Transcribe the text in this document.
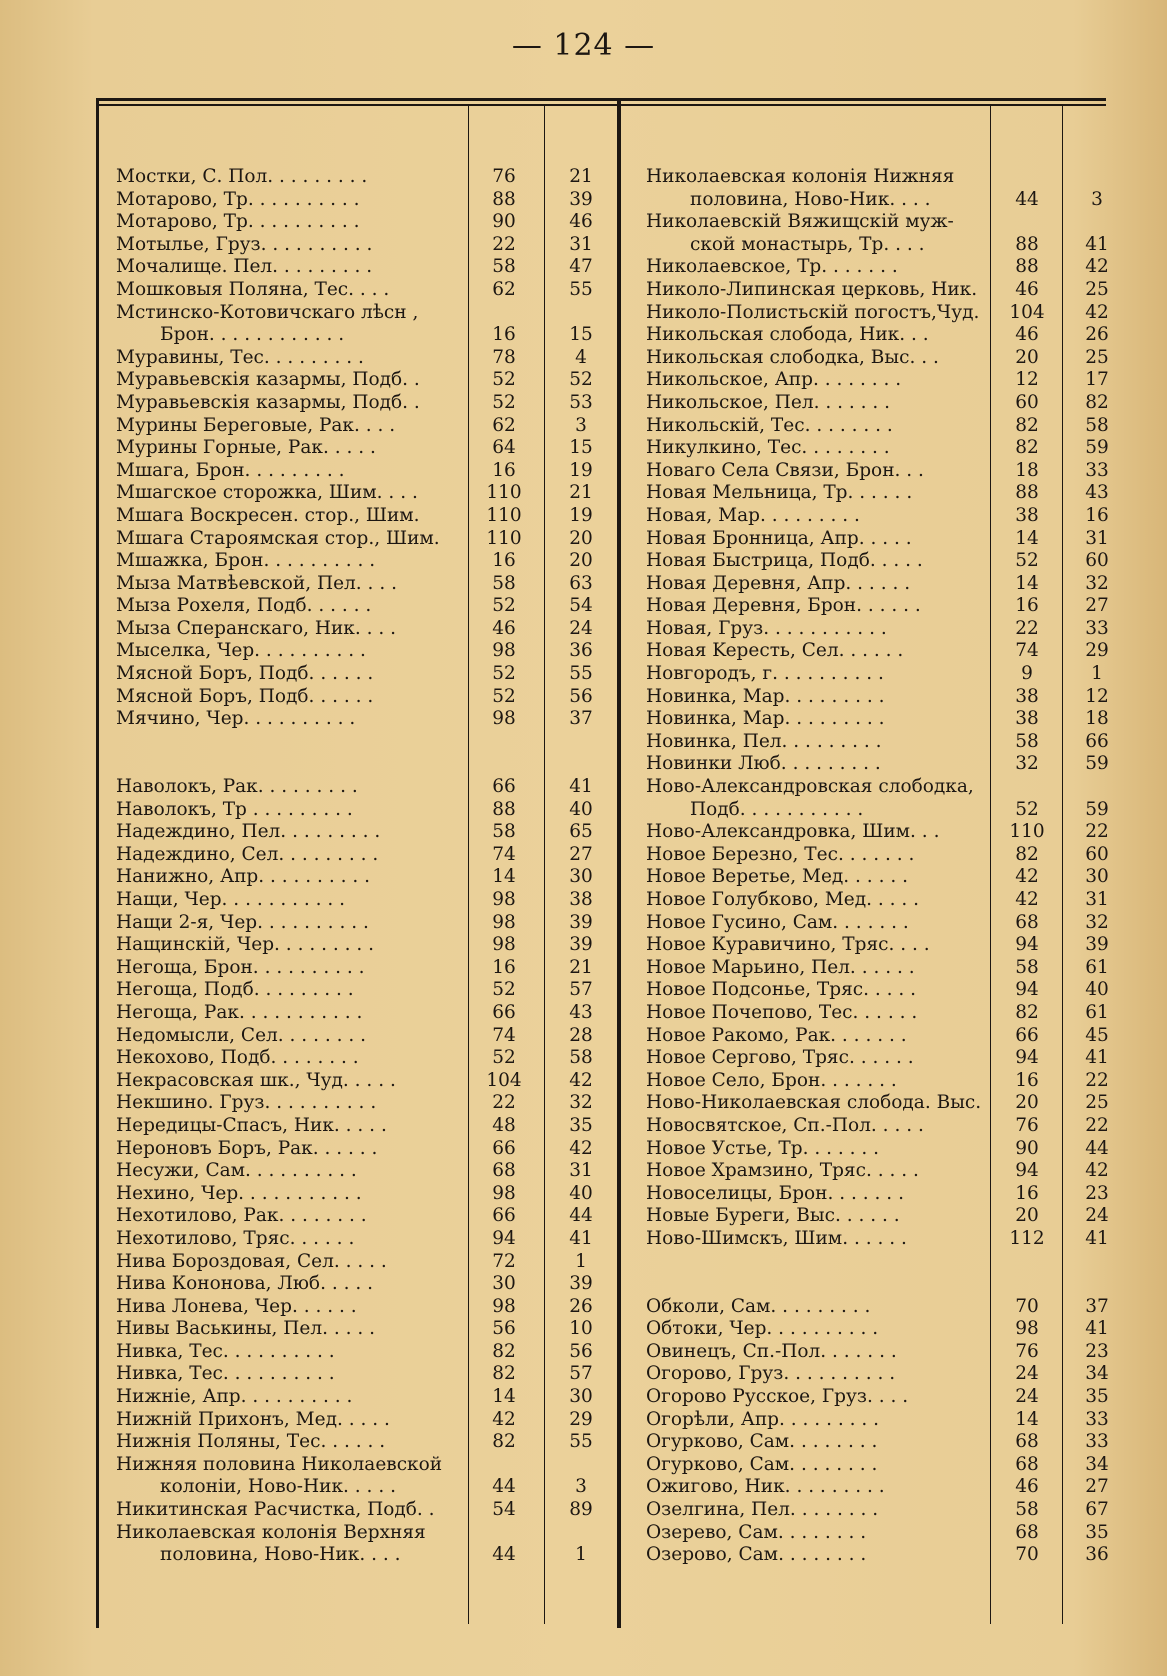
— 124 —
Мостки, С. Пол. . . . . . . . .	76	21
Мотарово, Тр. . . . . . . . . .	88	39
Мотарово, Тр. . . . . . . . . .	90	46
Мотылье, Груз. . . . . . . . . .	22	31
Мочалище. Пел. . . . . . . . .	58	47
Мошковыя Поляна, Тес. . . .	62	55
Мстинско-Котовичскаго лѣсн ,
Брон. . . . . . . . . . . .	16	15
Муравины, Тес. . . . . . . . .	78	4
Муравьевскія казармы, Подб. .	52	52
Муравьевскія казармы, Подб. .	52	53
Мурины Береговые, Рак. . . .	62	3
Мурины Горные, Рак. . . . .	64	15
Мшага, Брон. . . . . . . . .	16	19
Мшагское сторожка, Шим. . . .	110	21
Мшага Воскресен. стор., Шим.	110	19
Мшага Староямская стор., Шим.	110	20
Мшажка, Брон. . . . . . . . . .	16	20
Мыза Матвѣевской, Пел. . . .	58	63
Мыза Рохеля, Подб. . . . . .	52	54
Мыза Сперанскаго, Ник. . . .	46	24
Мыселка, Чер. . . . . . . . . .	98	36
Мясной Боръ, Подб. . . . . .	52	55
Мясной Боръ, Подб. . . . . .	52	56
Мячино, Чер. . . . . . . . . .	98	37
Наволокъ, Рак. . . . . . . . .	66	41
Наволокъ, Тр . . . . . . . . .	88	40
Надеждино, Пел. . . . . . . . .	58	65
Надеждино, Сел. . . . . . . . .	74	27
Нанижно, Апр. . . . . . . . . .	14	30
Нащи, Чер. . . . . . . . . . .	98	38
Нащи 2-я, Чер. . . . . . . . . .	98	39
Нащинскій, Чер. . . . . . . . .	98	39
Негоща, Брон. . . . . . . . . .	16	21
Негоща, Подб. . . . . . . . .	52	57
Негоща, Рак. . . . . . . . . . .	66	43
Недомысли, Сел. . . . . . . .	74	28
Некохово, Подб. . . . . . . .	52	58
Некрасовская шк., Чуд. . . . .	104	42
Некшино. Груз. . . . . . . . . .	22	32
Нередицы-Спасъ, Ник. . . . .	48	35
Нероновъ Боръ, Рак. . . . . .	66	42
Несужи, Сам. . . . . . . . . .	68	31
Нехино, Чер. . . . . . . . . . .	98	40
Нехотилово, Рак. . . . . . . .	66	44
Нехотилово, Тряс. . . . . .	94	41
Нива Бороздовая, Сел. . . . .	72	1
Нива Кононова, Люб. . . . .	30	39
Нива Лонева, Чер. . . . . .	98	26
Нивы Васькины, Пел. . . . .	56	10
Нивка, Тес. . . . . . . . . .	82	56
Нивка, Тес. . . . . . . . . .	82	57
Нижніе, Апр. . . . . . . . . .	14	30
Нижній Прихонъ, Мед. . . . .	42	29
Нижнія Поляны, Тес. . . . . .	82	55
Нижняя половина Николаевской
колоніи, Ново-Ник. . . . .	44	3
Никитинская Расчистка, Подб. .	54	89
Николаевская колонія Верхняя
половина, Ново-Ник. . . .	44	1
Николаевская колонія Нижняя
половина, Ново-Ник. . . .	44	3
Николаевскій Вяжищскій муж-
ской монастырь, Тр. . . .	88	41
Николаевское, Тр. . . . . . .	88	42
Николо-Липинская церковь, Ник.	46	25
Николо-Полистьскій погостъ,Чуд.	104	42
Никольская слобода, Ник. . .	46	26
Никольская слободка, Выс. . .	20	25
Никольское, Апр. . . . . . . .	12	17
Никольское, Пел. . . . . . .	60	82
Никольскій, Тес. . . . . . . .	82	58
Никулкино, Тес. . . . . . . .	82	59
Новаго Села Связи, Брон. . .	18	33
Новая Мельница, Тр. . . . . .	88	43
Новая, Мар. . . . . . . . .	38	16
Новая Бронница, Апр. . . . .	14	31
Новая Быстрица, Подб. . . . .	52	60
Новая Деревня, Апр. . . . . .	14	32
Новая Деревня, Брон. . . . . .	16	27
Новая, Груз. . . . . . . . . . .	22	33
Новая Keресть, Сел. . . . . .	74	29
Новгородъ, г. . . . . . . . . .	9	1
Новинка, Мар. . . . . . . . .	38	12
Новинка, Мар. . . . . . . . .	38	18
Новинка, Пел. . . . . . . . .	58	66
Новинки Люб. . . . . . . . .	32	59
Ново-Александровская слободка,
Подб. . . . . . . . . . .	52	59
Ново-Александровка, Шим. . .	110	22
Новое Березно, Тес. . . . . . .	82	60
Новое Веретье, Мед. . . . . .	42	30
Новое Голубково, Мед. . . . .	42	31
Новое Гусино, Сам. . . . . . .	68	32
Новое Куравичино, Тряс. . . .	94	39
Новое Марьино, Пел. . . . . .	58	61
Новое Подсонье, Тряс. . . . .	94	40
Новое Почепово, Тес. . . . . .	82	61
Новое Ракомо, Рак. . . . . . .	66	45
Новое Сергово, Тряс. . . . . .	94	41
Новое Село, Брон. . . . . . .	16	22
Ново-Николаевская слобода. Выс.	20	25
Новосвятское, Сп.-Пол. . . . .	76	22
Новое Устье, Тр. . . . . . .	90	44
Новое Храмзино, Тряс. . . . .	94	42
Новоселицы, Брон. . . . . . .	16	23
Новые Буреги, Выс. . . . . .	20	24
Ново-Шимскъ, Шим. . . . . .	112	41
Обколи, Сам. . . . . . . . .	70	37
Обтоки, Чер. . . . . . . . . .	98	41
Овинецъ, Сп.-Пол. . . . . . .	76	23
Огорово, Груз. . . . . . . . . .	24	34
Огорово Русское, Груз. . . .	24	35
Огорѣли, Апр. . . . . . . . .	14	33
Огурково, Сам. . . . . . . .	68	33
Огурково, Сам. . . . . . . .	68	34
Ожигово, Ник. . . . . . . . .	46	27
Озелгина, Пел. . . . . . . .	58	67
Озерево, Сам. . . . . . . .	68	35
Озерово, Сам. . . . . . . .	70	36
